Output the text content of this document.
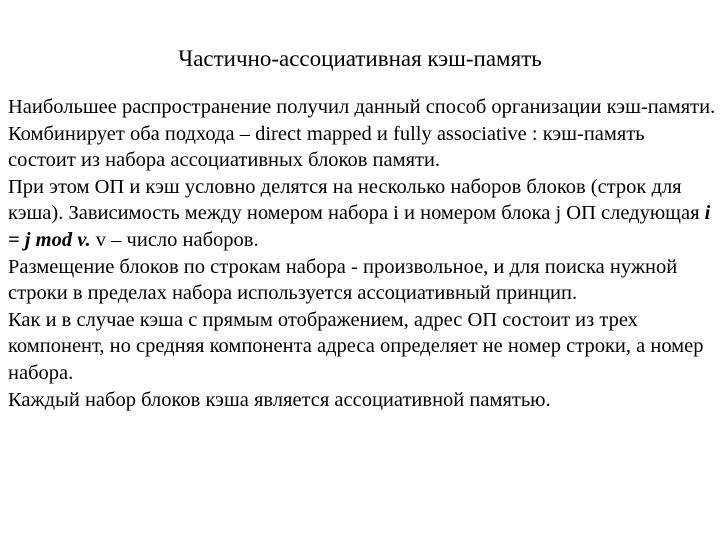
Частично-ассоциативная кэш-память

Наибольшее распространение получил данный способ организации кэш-памяти. Комбинирует оба подхода – direct mapped и fully associative : кэш-память состоит из набора ассоциативных блоков памяти.

При этом ОП и кэш условно делятся на несколько наборов блоков (строк для кэша). Зависимость между номером набора i и номером блока j ОП следующая i = j mod v. v – число наборов.

Размещение блоков по строкам набора - произвольное, и для поиска нужной строки в пределах набора используется ассоциативный принцип.

Как и в случае кэша с прямым отображением, адрес ОП состоит из трех компонент, но средняя компонента адреса определяет не номер строки, а номер набора.

Каждый набор блоков кэша является ассоциативной памятью.
